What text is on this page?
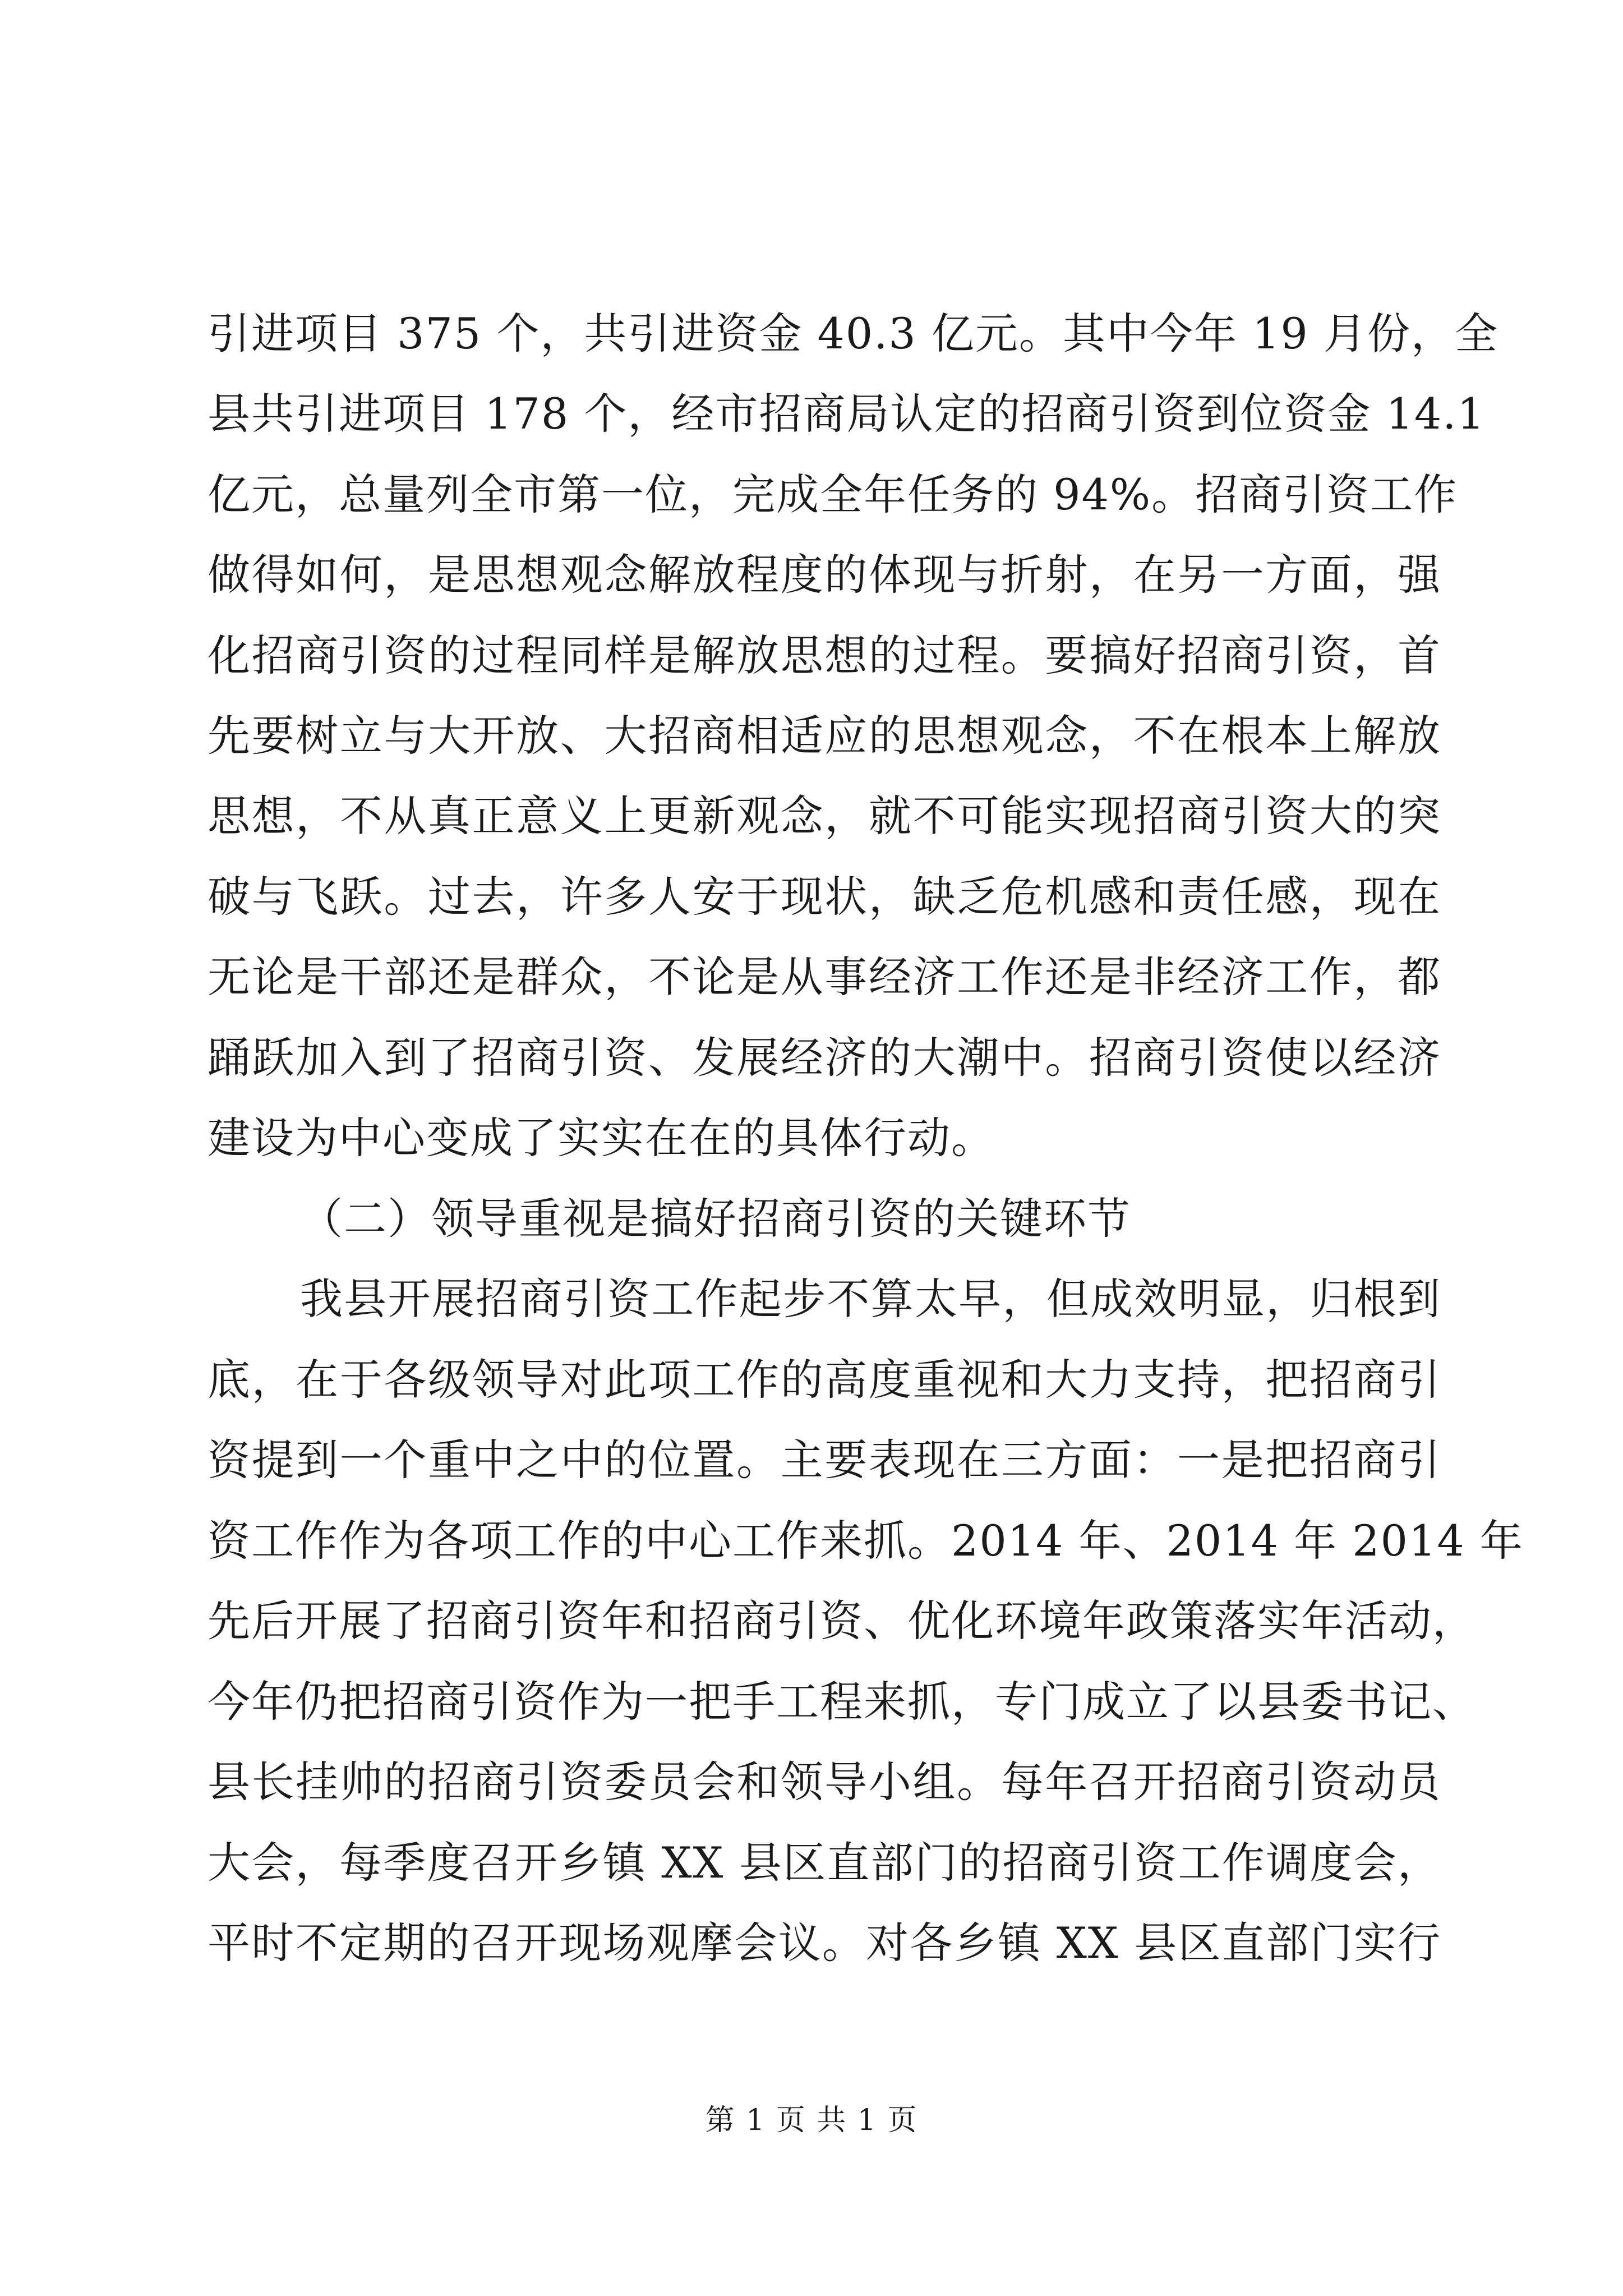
引进项目 375 个，共引进资金 40.3 亿元。其中今年 19 月份，全
县共引进项目 178 个，经市招商局认定的招商引资到位资金 14.1
亿元，总量列全市第一位，完成全年任务的 94%。招商引资工作
做得如何，是思想观念解放程度的体现与折射，在另一方面，强
化招商引资的过程同样是解放思想的过程。要搞好招商引资，首
先要树立与大开放、大招商相适应的思想观念，不在根本上解放
思想，不从真正意义上更新观念，就不可能实现招商引资大的突
破与飞跃。过去，许多人安于现状，缺乏危机感和责任感，现在
无论是干部还是群众，不论是从事经济工作还是非经济工作，都
踊跃加入到了招商引资、发展经济的大潮中。招商引资使以经济
建设为中心变成了实实在在的具体行动。
（二）领导重视是搞好招商引资的关键环节
我县开展招商引资工作起步不算太早，但成效明显，归根到
底，在于各级领导对此项工作的高度重视和大力支持，把招商引
资提到一个重中之中的位置。主要表现在三方面：一是把招商引
资工作作为各项工作的中心工作来抓。2014 年、2014 年 2014 年
先后开展了招商引资年和招商引资、优化环境年政策落实年活动，
今年仍把招商引资作为一把手工程来抓，专门成立了以县委书记、
县长挂帅的招商引资委员会和领导小组。每年召开招商引资动员
大会，每季度召开乡镇 XX 县区直部门的招商引资工作调度会，
平时不定期的召开现场观摩会议。对各乡镇 XX 县区直部门实行
第 1 页 共 1 页
